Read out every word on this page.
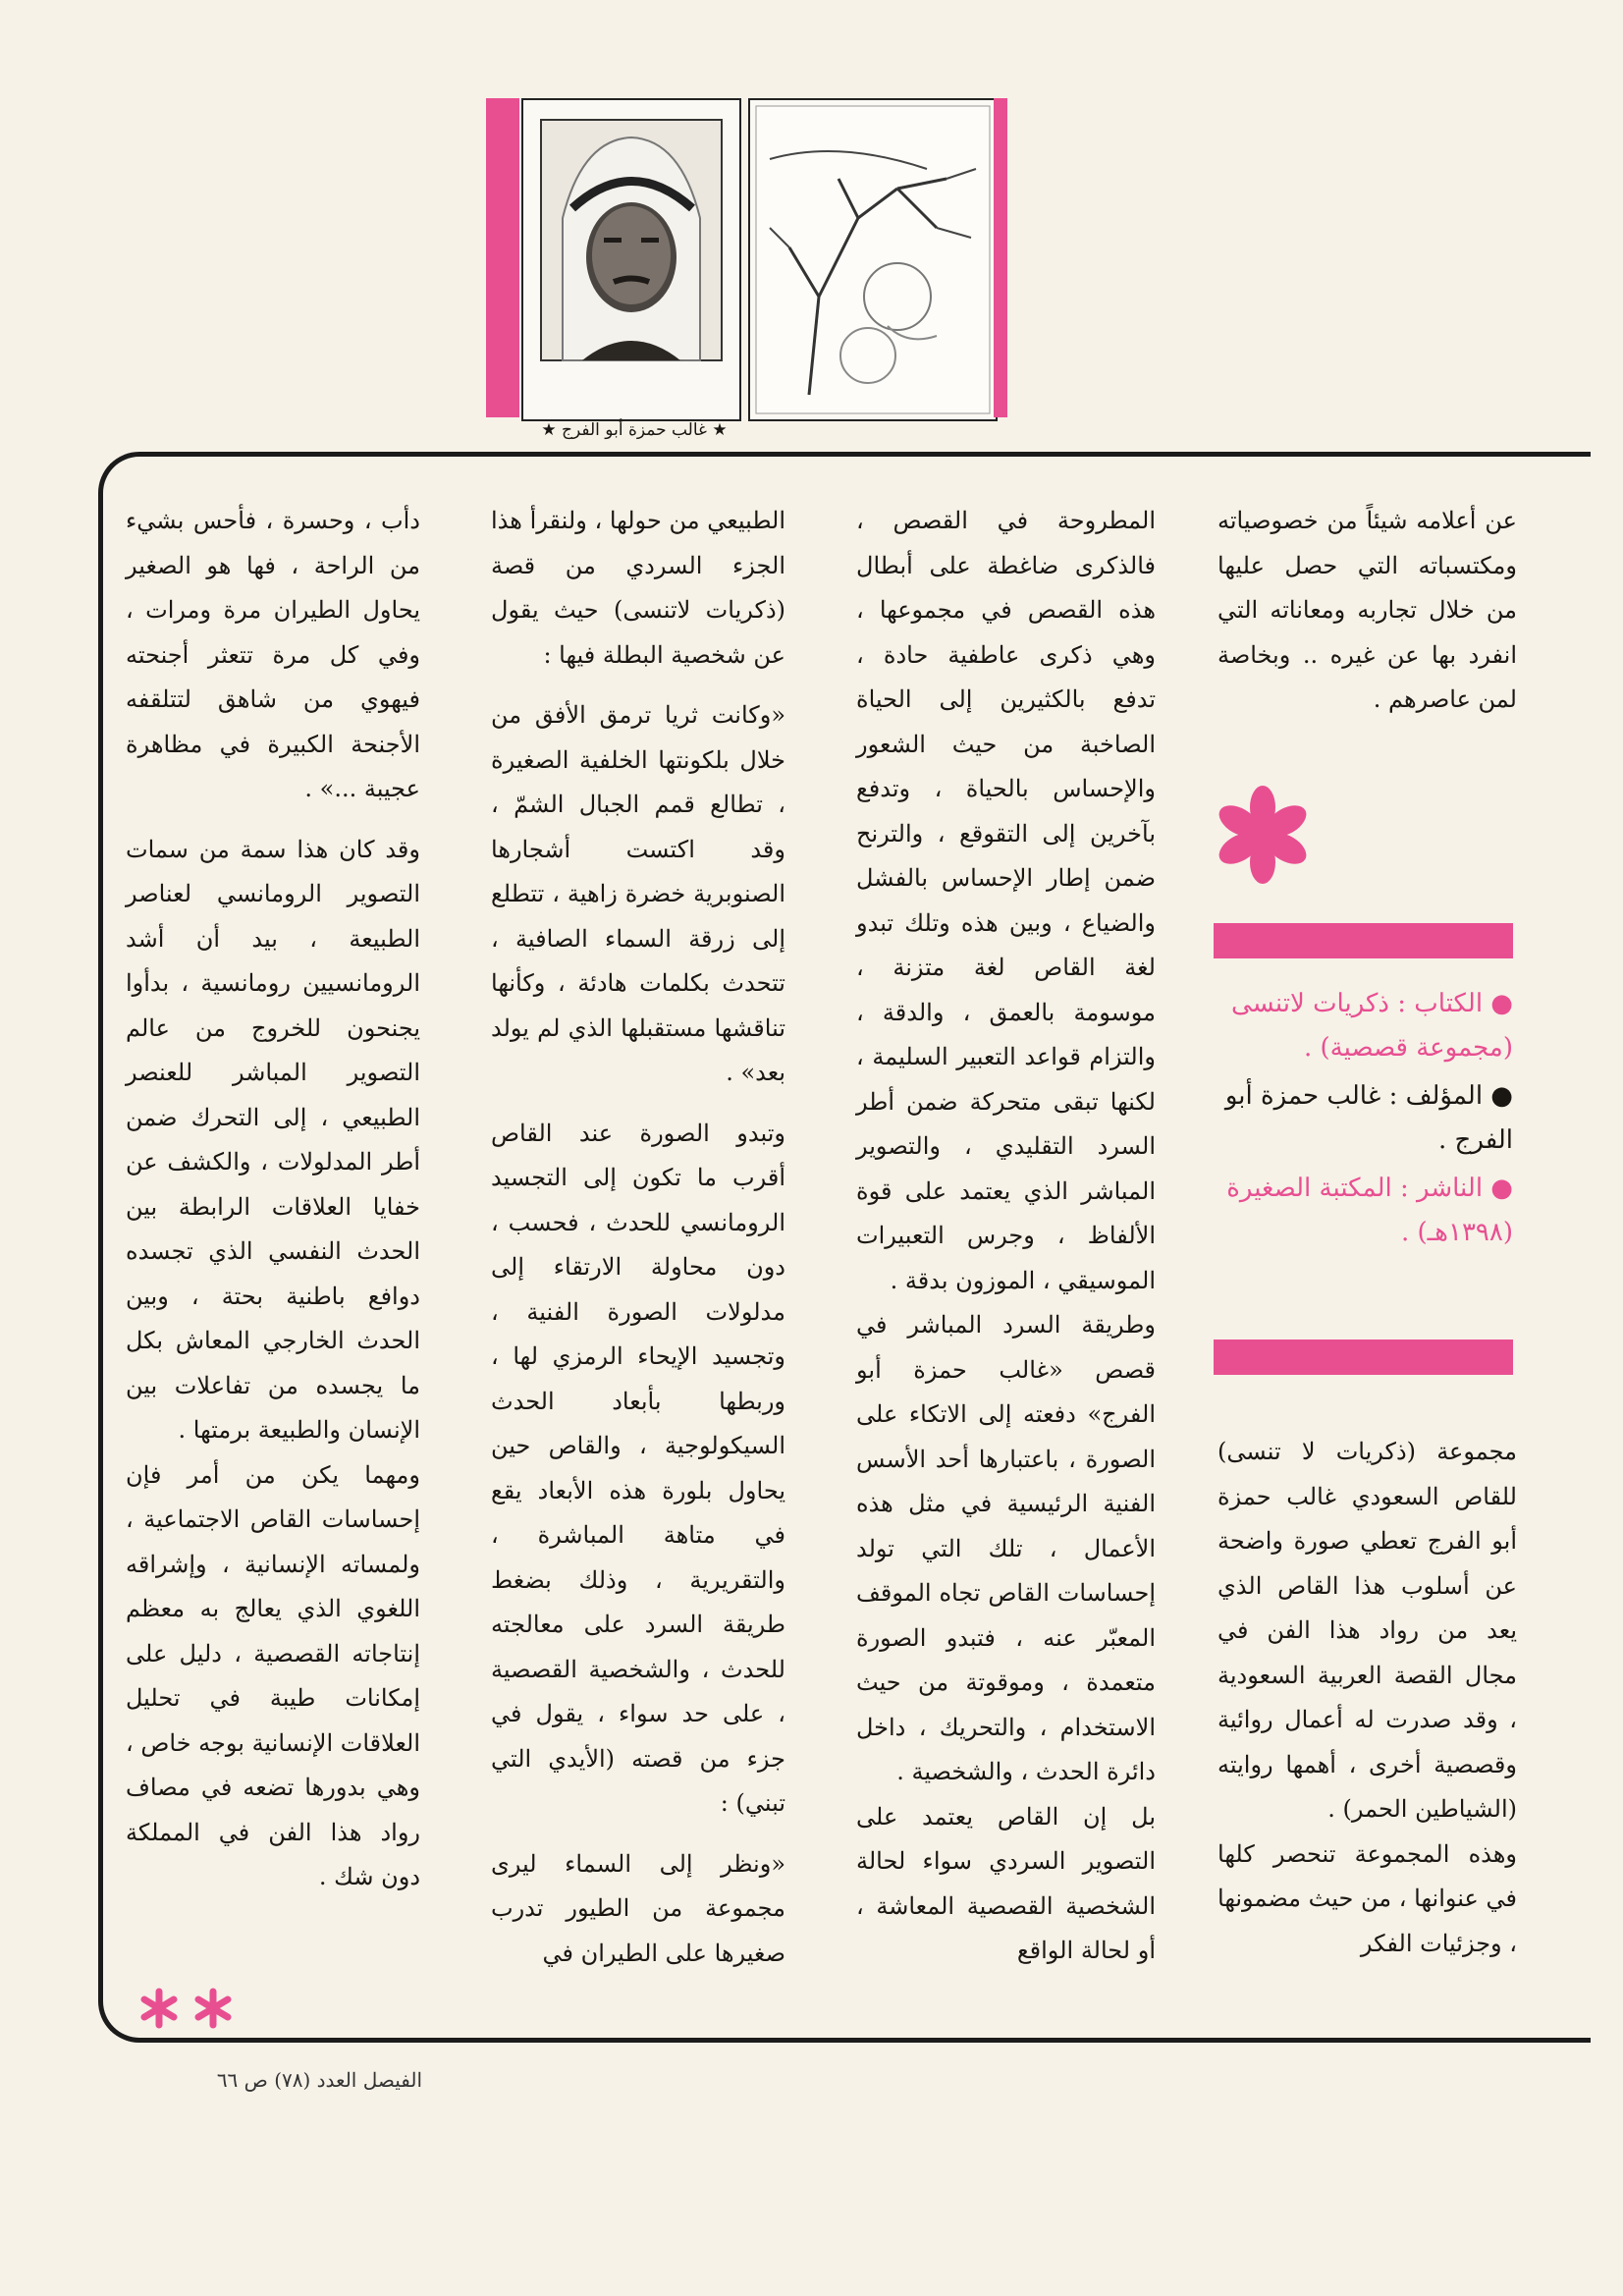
★ غالب حمزة أبو الفرج ★

عن أعلامه شيئاً من خصوصياته ومكتسباته التي حصل عليها من خلال تجاربه ومعاناته التي انفرد بها عن غيره .. وبخاصة لمن عاصرهم .

● الكتاب : ذكريات لاتنسى (مجموعة قصصية) .

● المؤلف : غالب حمزة أبو الفرج .

● الناشر : المكتبة الصغيرة (١٣٩٨هـ) .

مجموعة (ذكريات لا تنسى) للقاص السعودي غالب حمزة أبو الفرج تعطي صورة واضحة عن أسلوب هذا القاص الذي يعد من رواد هذا الفن في مجال القصة العربية السعودية ، وقد صدرت له أعمال روائية وقصصية أخرى ، أهمها روايته (الشياطين الحمر) .

وهذه المجموعة تنحصر كلها في عنوانها ، من حيث مضمونها ، وجزئيات الفكر

المطروحة في القصص ، فالذكرى ضاغطة على أبطال هذه القصص في مجموعها ، وهي ذكرى عاطفية حادة ، تدفع بالكثيرين إلى الحياة الصاخبة من حيث الشعور والإحساس بالحياة ، وتدفع بآخرين إلى التقوقع ، والترنح ضمن إطار الإحساس بالفشل والضياع ، وبين هذه وتلك تبدو لغة القاص لغة متزنة ، موسومة بالعمق ، والدقة ، والتزام قواعد التعبير السليمة ، لكنها تبقى متحركة ضمن أطر السرد التقليدي ، والتصوير المباشر الذي يعتمد على قوة الألفاظ ، وجرس التعبيرات الموسيقي ، الموزون بدقة .

وطريقة السرد المباشر في قصص «غالب حمزة أبو الفرج» دفعته إلى الاتكاء على الصورة ، باعتبارها أحد الأسس الفنية الرئيسية في مثل هذه الأعمال ، تلك التي تولد إحساسات القاص تجاه الموقف المعبّر عنه ، فتبدو الصورة متعمدة ، وموقوتة من حيث الاستخدام ، والتحريك ، داخل دائرة الحدث ، والشخصية .

بل إن القاص يعتمد على التصوير السردي سواء لحالة الشخصية القصصية المعاشة ، أو لحالة الواقع

الطبيعي من حولها ، ولنقرأ هذا الجزء السردي من قصة (ذكريات لاتنسى) حيث يقول عن شخصية البطلة فيها :

«وكانت ثريا ترمق الأفق من خلال بلكونتها الخلفية الصغيرة ، تطالع قمم الجبال الشمّ ، وقد اكتست أشجارها الصنوبرية خضرة زاهية ، تتطلع إلى زرقة السماء الصافية ، تتحدث بكلمات هادئة ، وكأنها تناقشها مستقبلها الذي لم يولد بعد» .

وتبدو الصورة عند القاص أقرب ما تكون إلى التجسيد الرومانسي للحدث ، فحسب ، دون محاولة الارتقاء إلى مدلولات الصورة الفنية ، وتجسيد الإيحاء الرمزي لها ، وربطها بأبعاد الحدث السيكولوجية ، والقاص حين يحاول بلورة هذه الأبعاد يقع في متاهة المباشرة ، والتقريرية ، وذلك بضغط طريقة السرد على معالجته للحدث ، والشخصية القصصية ، على حد سواء ، يقول في جزء من قصته (الأيدي التي تبني) :

«ونظر إلى السماء ليرى مجموعة من الطيور تدرب صغيرها على الطيران في

دأب ، وحسرة ، فأحس بشيء من الراحة ، فها هو الصغير يحاول الطيران مرة ومرات ، وفي كل مرة تتعثر أجنحته فيهوي من شاهق لتتلقفه الأجنحة الكبيرة في مظاهرة عجيبة ...» .

وقد كان هذا سمة من سمات التصوير الرومانسي لعناصر الطبيعة ، بيد أن أشد الرومانسيين رومانسية ، بدأوا يجنحون للخروج من عالم التصوير المباشر للعنصر الطبيعي ، إلى التحرك ضمن أطر المدلولات ، والكشف عن خفايا العلاقات الرابطة بين الحدث النفسي الذي تجسده دوافع باطنية بحتة ، وبين الحدث الخارجي المعاش بكل ما يجسده من تفاعلات بين الإنسان والطبيعة برمتها .

ومهما يكن من أمر فإن إحساسات القاص الاجتماعية ، ولمساته الإنسانية ، وإشراقه اللغوي الذي يعالج به معظم إنتاجاته القصصية ، دليل على إمكانات طيبة في تحليل العلاقات الإنسانية بوجه خاص ، وهي بدورها تضعه في مصاف رواد هذا الفن في المملكة دون شك .

الفيصل العدد (٧٨) ص ٦٦
